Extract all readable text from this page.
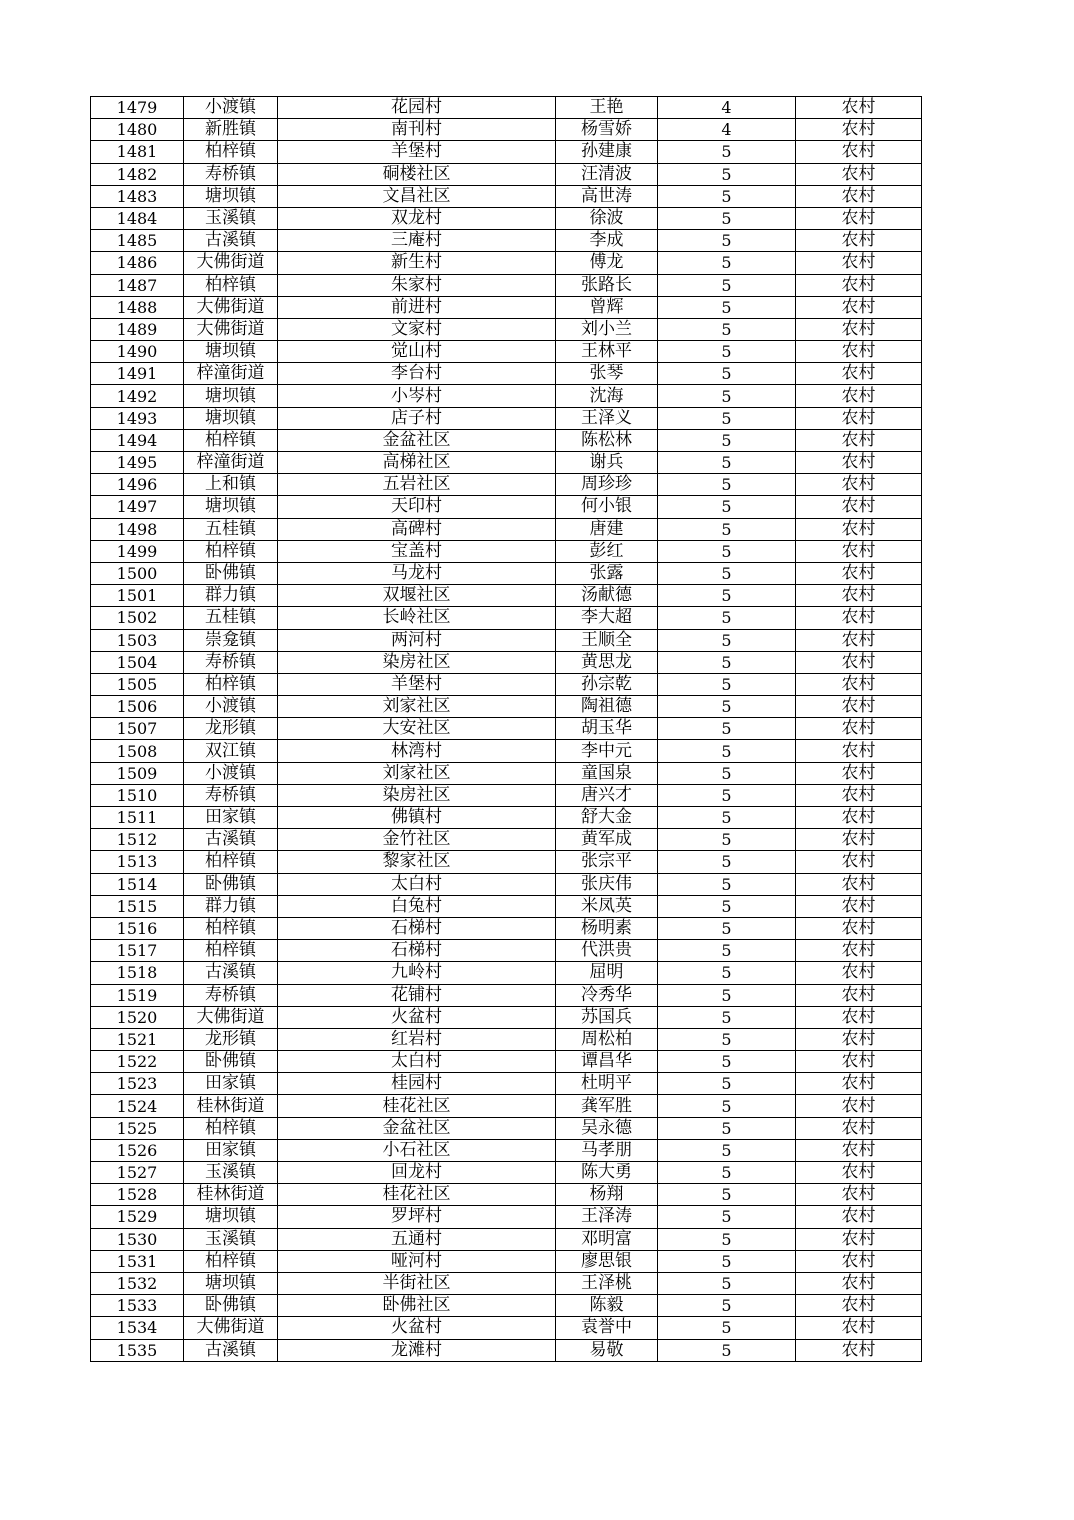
1479	小渡镇	花园村	王艳	4	农村
1480	新胜镇	南刊村	杨雪娇	4	农村
1481	柏梓镇	羊堡村	孙建康	5	农村
1482	寿桥镇	硐楼社区	汪清波	5	农村
1483	塘坝镇	文昌社区	高世涛	5	农村
1484	玉溪镇	双龙村	徐波	5	农村
1485	古溪镇	三庵村	李成	5	农村
1486	大佛街道	新生村	傅龙	5	农村
1487	柏梓镇	朱家村	张路长	5	农村
1488	大佛街道	前进村	曾辉	5	农村
1489	大佛街道	文家村	刘小兰	5	农村
1490	塘坝镇	觉山村	王林平	5	农村
1491	梓潼街道	李台村	张琴	5	农村
1492	塘坝镇	小岑村	沈海	5	农村
1493	塘坝镇	店子村	王泽义	5	农村
1494	柏梓镇	金盆社区	陈松林	5	农村
1495	梓潼街道	高梯社区	谢兵	5	农村
1496	上和镇	五岩社区	周珍珍	5	农村
1497	塘坝镇	天印村	何小银	5	农村
1498	五桂镇	高碑村	唐建	5	农村
1499	柏梓镇	宝盖村	彭红	5	农村
1500	卧佛镇	马龙村	张露	5	农村
1501	群力镇	双堰社区	汤献德	5	农村
1502	五桂镇	长岭社区	李大超	5	农村
1503	崇龛镇	两河村	王顺全	5	农村
1504	寿桥镇	染房社区	黄思龙	5	农村
1505	柏梓镇	羊堡村	孙宗乾	5	农村
1506	小渡镇	刘家社区	陶祖德	5	农村
1507	龙形镇	大安社区	胡玉华	5	农村
1508	双江镇	林湾村	李中元	5	农村
1509	小渡镇	刘家社区	童国泉	5	农村
1510	寿桥镇	染房社区	唐兴才	5	农村
1511	田家镇	佛镇村	舒大金	5	农村
1512	古溪镇	金竹社区	黄军成	5	农村
1513	柏梓镇	黎家社区	张宗平	5	农村
1514	卧佛镇	太白村	张庆伟	5	农村
1515	群力镇	白兔村	米凤英	5	农村
1516	柏梓镇	石梯村	杨明素	5	农村
1517	柏梓镇	石梯村	代洪贵	5	农村
1518	古溪镇	九岭村	屈明	5	农村
1519	寿桥镇	花铺村	冷秀华	5	农村
1520	大佛街道	火盆村	苏国兵	5	农村
1521	龙形镇	红岩村	周松柏	5	农村
1522	卧佛镇	太白村	谭昌华	5	农村
1523	田家镇	桂园村	杜明平	5	农村
1524	桂林街道	桂花社区	龚军胜	5	农村
1525	柏梓镇	金盆社区	吴永德	5	农村
1526	田家镇	小石社区	马孝朋	5	农村
1527	玉溪镇	回龙村	陈大勇	5	农村
1528	桂林街道	桂花社区	杨翔	5	农村
1529	塘坝镇	罗坪村	王泽涛	5	农村
1530	玉溪镇	五通村	邓明富	5	农村
1531	柏梓镇	哑河村	廖思银	5	农村
1532	塘坝镇	半街社区	王泽桃	5	农村
1533	卧佛镇	卧佛社区	陈毅	5	农村
1534	大佛街道	火盆村	袁誉中	5	农村
1535	古溪镇	龙滩村	易敬	5	农村
